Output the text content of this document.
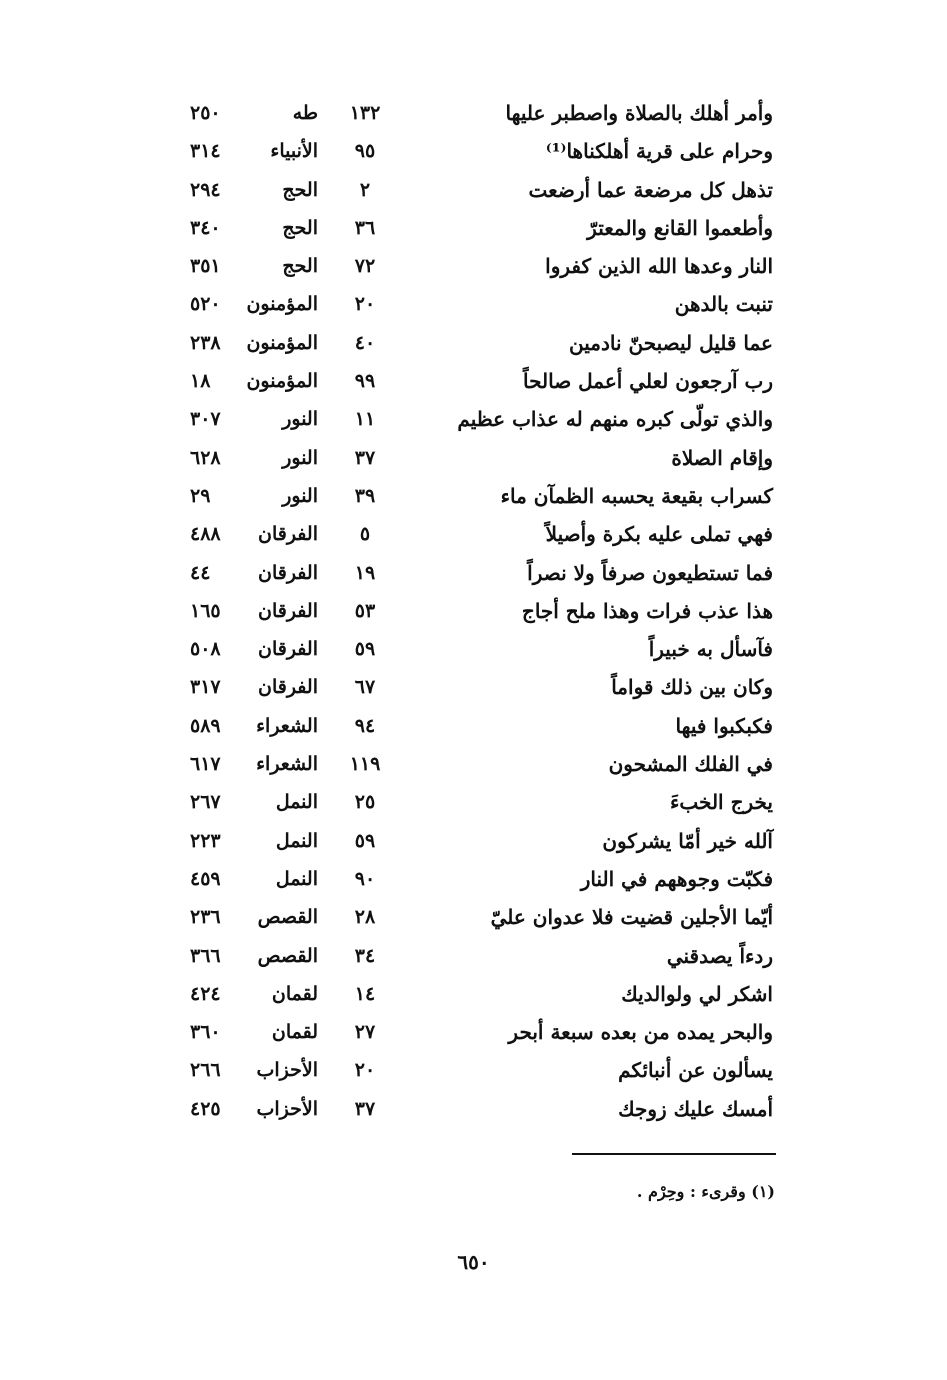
وأمر أهلك بالصلاة واصطبر عليها
١٣٢
طه
٢٥٠
وحرام على قرية أهلكناها⁽¹⁾
٩٥
الأنبياء
٣١٤
تذهل كل مرضعة عما أرضعت
٢
الحج
٢٩٤
وأطعموا القانع والمعترّ
٣٦
الحج
٣٤٠
النار وعدها الله الذين كفروا
٧٢
الحج
٣٥١
تنبت بالدهن
٢٠
المؤمنون
٥٢٠
عما قليل ليصبحنّ نادمين
٤٠
المؤمنون
٢٣٨
رب آرجعون لعلي أعمل صالحاً
٩٩
المؤمنون
١٨
والذي تولّى كبره منهم له عذاب عظيم
١١
النور
٣٠٧
وإقام الصلاة
٣٧
النور
٦٢٨
كسراب بقيعة يحسبه الظمآن ماء
٣٩
النور
٢٩
فهي تملى عليه بكرة وأصيلاً
٥
الفرقان
٤٨٨
فما تستطيعون صرفاً ولا نصراً
١٩
الفرقان
٤٤
هذا عذب فرات وهذا ملح أجاج
٥٣
الفرقان
١٦٥
فآسأل به خبيراً
٥٩
الفرقان
٥٠٨
وكان بين ذلك قواماً
٦٧
الفرقان
٣١٧
فكبكبوا فيها
٩٤
الشعراء
٥٨٩
في الفلك المشحون
١١٩
الشعراء
٦١٧
يخرج الخبءَ
٢٥
النمل
٢٦٧
آلله خير أمّا يشركون
٥٩
النمل
٢٢٣
فكبّت وجوههم في النار
٩٠
النمل
٤٥٩
أيّما الأجلين قضيت فلا عدوان عليّ
٢٨
القصص
٢٣٦
ردءاً يصدقني
٣٤
القصص
٣٦٦
اشكر لي ولوالديك
١٤
لقمان
٤٢٤
والبحر يمده من بعده سبعة أبحر
٢٧
لقمان
٣٦٠
يسألون عن أنبائكم
٢٠
الأحزاب
٢٦٦
أمسك عليك زوجك
٣٧
الأحزاب
٤٢٥
(١) وقرىء : وحِرْم .
٦٥٠
